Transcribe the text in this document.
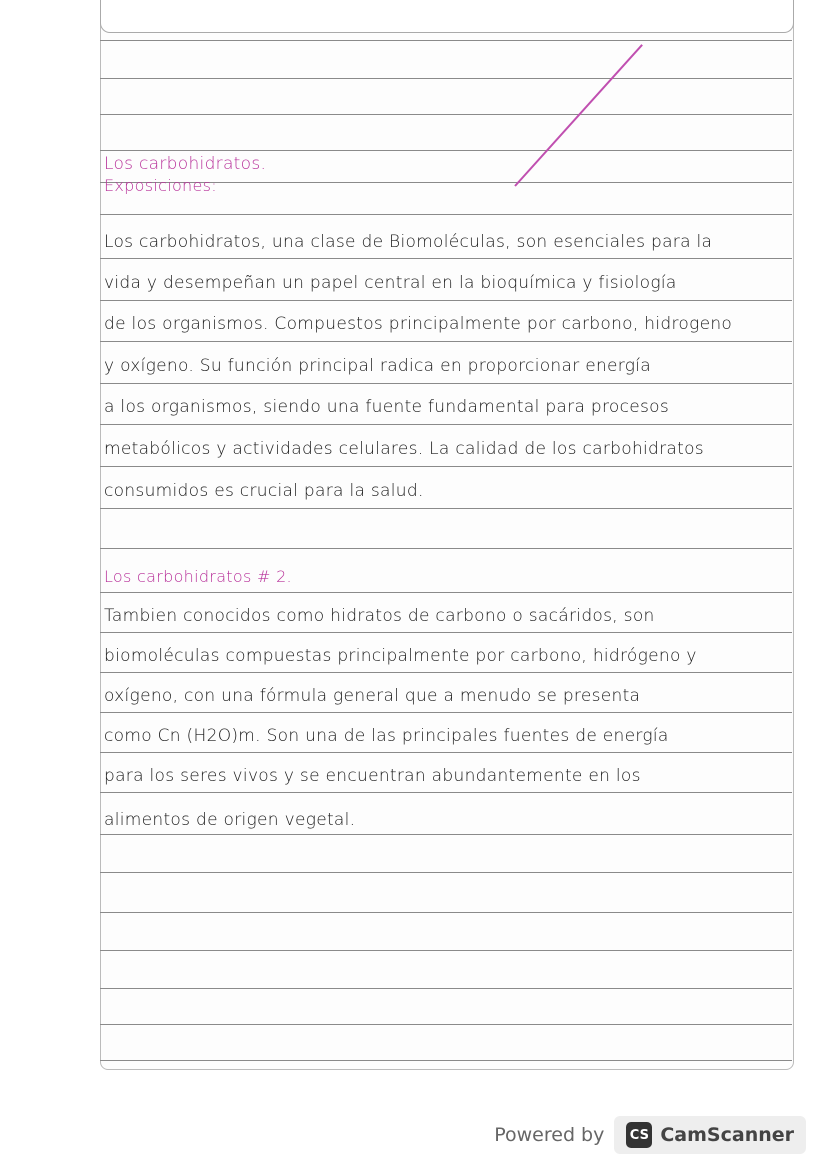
Exposiciones:
Los carbohidratos.
Los carbohidratos, una clase de Biomoléculas, son esenciales para la
vida y desempeñan un papel central en la bioquímica y fisiología
de los organismos. Compuestos principalmente por carbono, hidrogeno
y oxígeno. Su función principal radica en proporcionar energía
a los organismos, siendo una fuente fundamental para procesos
metabólicos y actividades celulares. La calidad de los carbohidratos
consumidos es crucial para la salud.
Los carbohidratos # 2.
Tambien conocidos como hidratos de carbono o sacáridos, son
biomoléculas compuestas principalmente por carbono, hidrógeno y
oxígeno, con una fórmula general que a menudo se presenta
como Cn (H2O)m. Son una de las principales fuentes de energía
para los seres vivos y se encuentran abundantemente en los
alimentos de origen vegetal.
Powered by CS CamScanner
